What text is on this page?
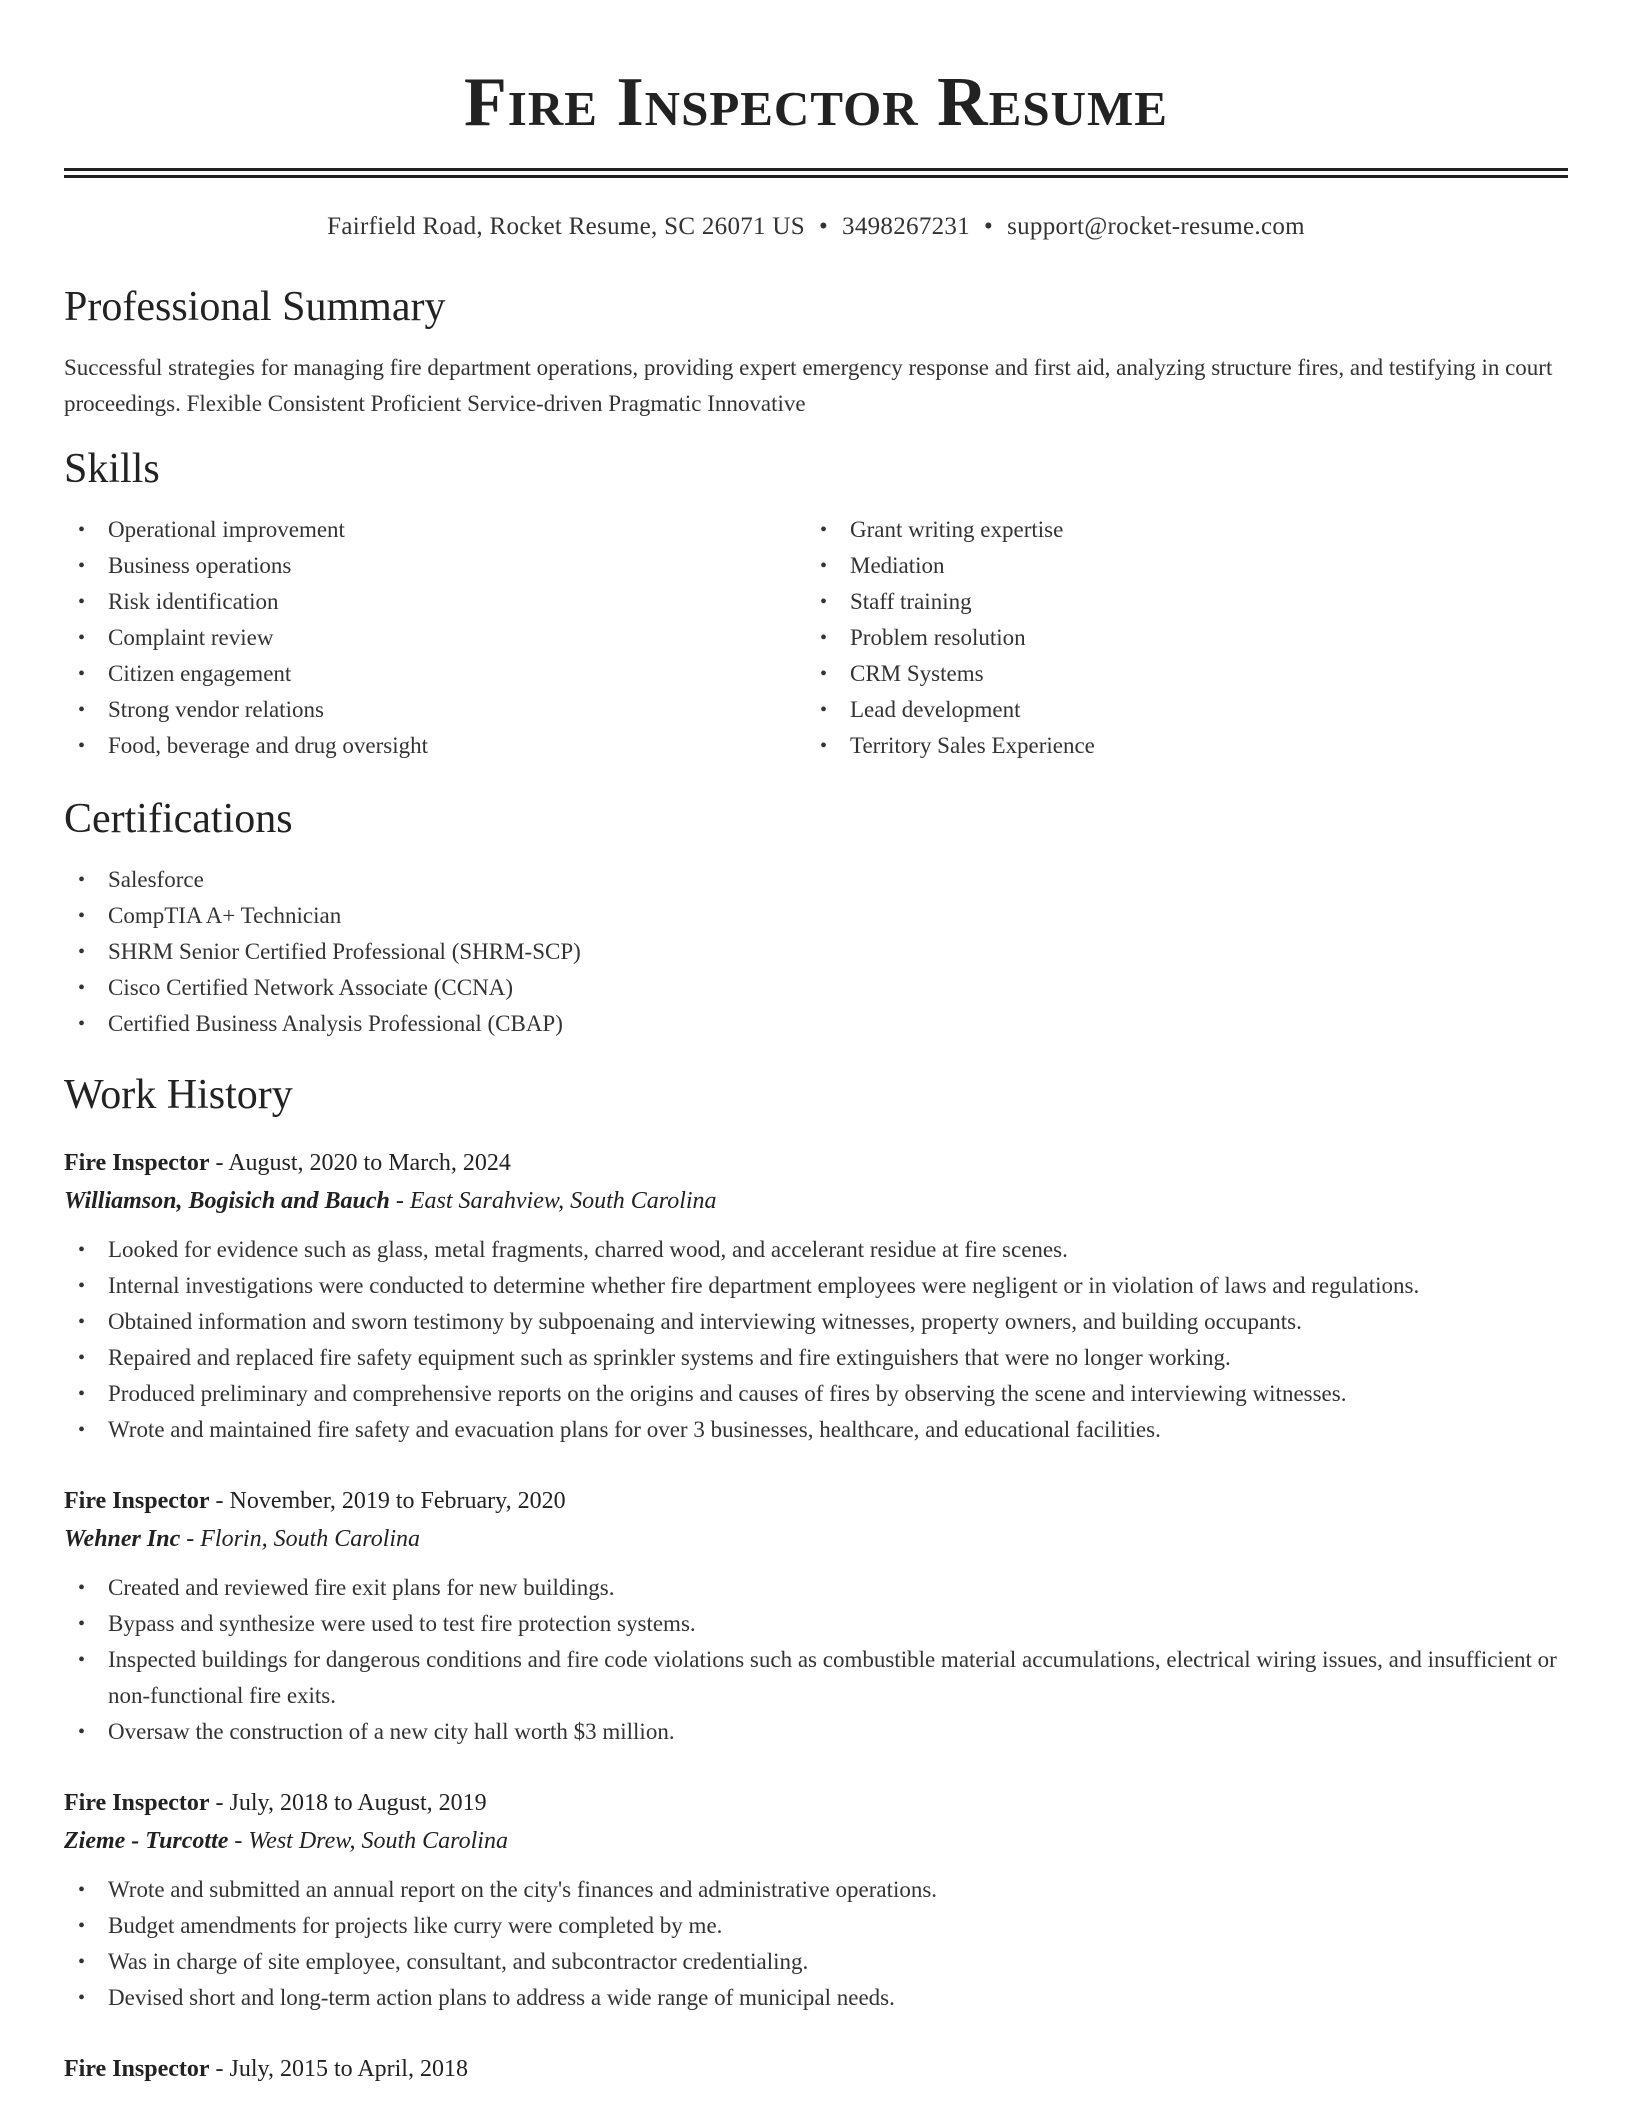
Fire Inspector Resume
Fairfield Road, Rocket Resume, SC 26071 US • 3498267231 • support@rocket-resume.com
Professional Summary
Successful strategies for managing fire department operations, providing expert emergency response and first aid, analyzing structure fires, and testifying in court proceedings. Flexible Consistent Proficient Service-driven Pragmatic Innovative
Skills
• Operational improvement
• Business operations
• Risk identification
• Complaint review
• Citizen engagement
• Strong vendor relations
• Food, beverage and drug oversight
• Grant writing expertise
• Mediation
• Staff training
• Problem resolution
• CRM Systems
• Lead development
• Territory Sales Experience
Certifications
• Salesforce
• CompTIA A+ Technician
• SHRM Senior Certified Professional (SHRM-SCP)
• Cisco Certified Network Associate (CCNA)
• Certified Business Analysis Professional (CBAP)
Work History
Fire Inspector - August, 2020 to March, 2024
Williamson, Bogisich and Bauch - East Sarahview, South Carolina
• Looked for evidence such as glass, metal fragments, charred wood, and accelerant residue at fire scenes.
• Internal investigations were conducted to determine whether fire department employees were negligent or in violation of laws and regulations.
• Obtained information and sworn testimony by subpoenaing and interviewing witnesses, property owners, and building occupants.
• Repaired and replaced fire safety equipment such as sprinkler systems and fire extinguishers that were no longer working.
• Produced preliminary and comprehensive reports on the origins and causes of fires by observing the scene and interviewing witnesses.
• Wrote and maintained fire safety and evacuation plans for over 3 businesses, healthcare, and educational facilities.
Fire Inspector - November, 2019 to February, 2020
Wehner Inc - Florin, South Carolina
• Created and reviewed fire exit plans for new buildings.
• Bypass and synthesize were used to test fire protection systems.
• Inspected buildings for dangerous conditions and fire code violations such as combustible material accumulations, electrical wiring issues, and insufficient or non-functional fire exits.
• Oversaw the construction of a new city hall worth $3 million.
Fire Inspector - July, 2018 to August, 2019
Zieme - Turcotte - West Drew, South Carolina
• Wrote and submitted an annual report on the city's finances and administrative operations.
• Budget amendments for projects like curry were completed by me.
• Was in charge of site employee, consultant, and subcontractor credentialing.
• Devised short and long-term action plans to address a wide range of municipal needs.
Fire Inspector - July, 2015 to April, 2018
